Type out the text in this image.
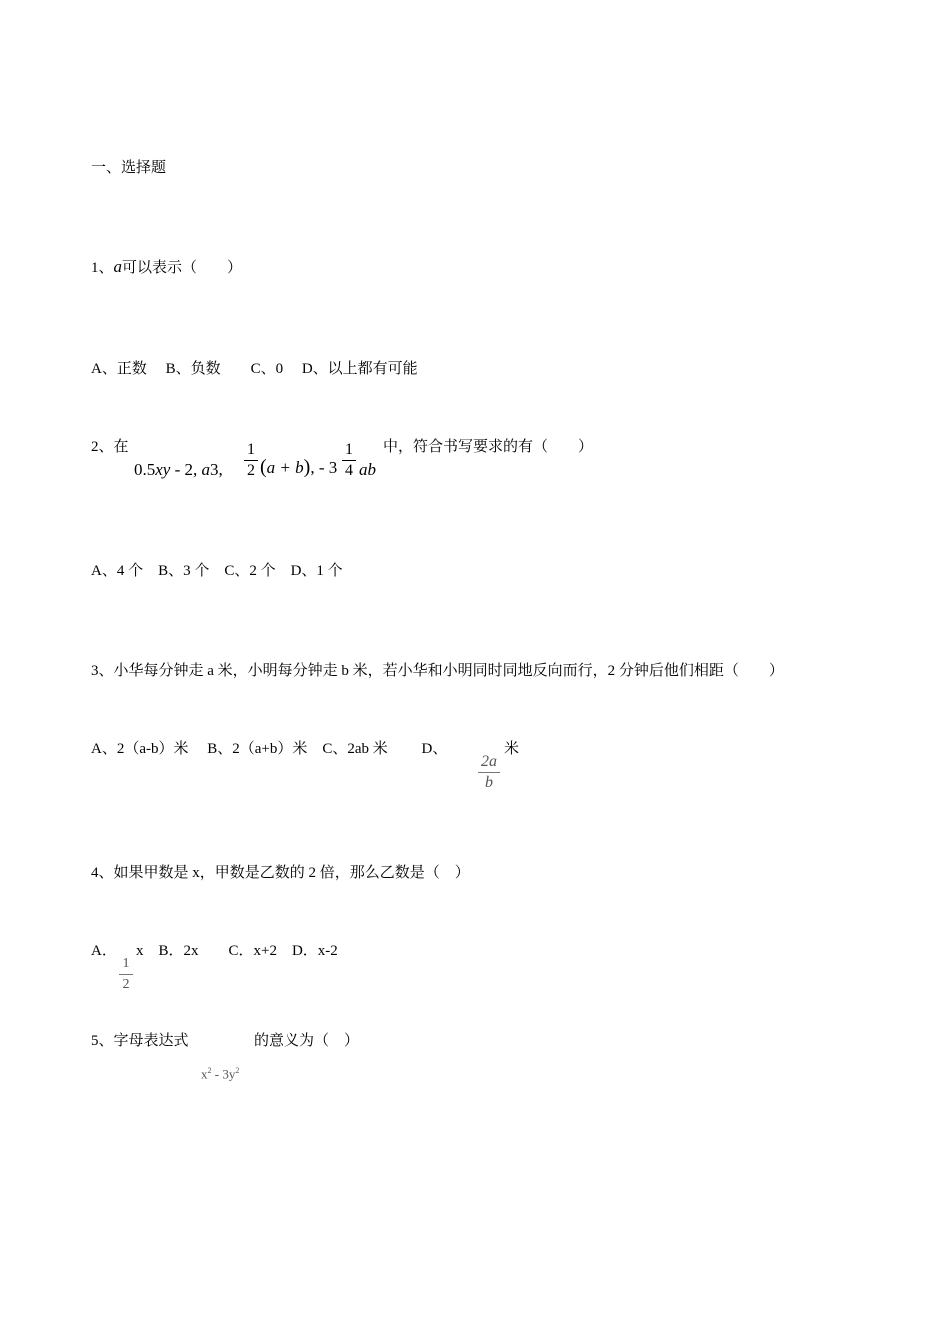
一、选择题
1、a可以表示（　　）
A、正数　 B、负数　　C、0　 D、以上都有可能
2、在	中，符合书写要求的有（　　）
0.5xy - 2, a3,
1
2 (a + b), - 3
1
4 ab
A、4 个　B、3 个　C、2 个　D、1 个
3、小华每分钟走 a 米，小明每分钟走 b 米，若小华和小明同时同地反向而行，2 分钟后他们相距（　　）
A、2（a-b）米　 B、2（a+b）米　C、2ab 米　　 D、
2a
b
米
4、如果甲数是 x，甲数是乙数的 2 倍，那么乙数是（　）
A．
1
2
x　B．2x　　C．x+2　D．x-2
5、字母表达式	的意义为（　）
$x^2 - 3y^2$
